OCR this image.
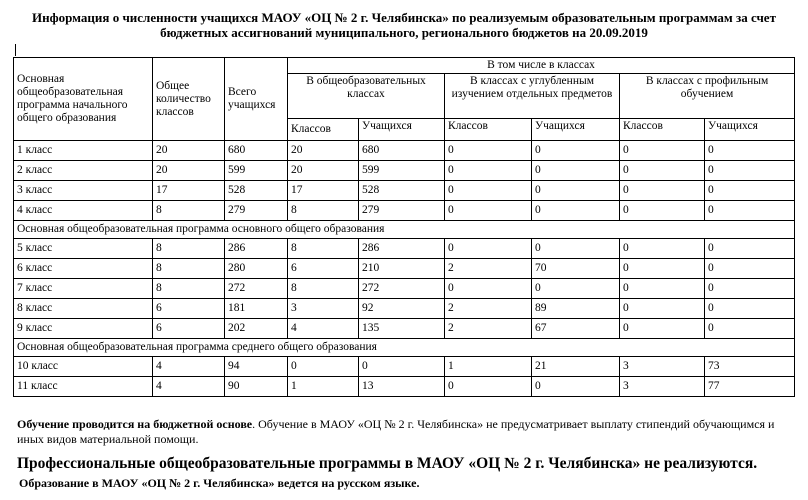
Информация о численности учащихся МАОУ «ОЦ № 2 г. Челябинска» по реализуемым образовательным программам за счет
бюджетных ассигнований муниципального, регионального бюджетов на 20.09.2019
Основная общеобразовательная программа начального общего образования	Общее количество классов	Всего учащихся	В том числе в классах					
			В общеобразовательных классах		В классах с углубленным изучением отдельных предметов		В классах с профильным обучением	
			Классов	Учащихся	Классов	Учащихся	Классов	Учащихся
1 класс	20	680	20	680	0	0	0	0
2 класс	20	599	20	599	0	0	0	0
3 класс	17	528	17	528	0	0	0	0
4 класс	8	279	8	279	0	0	0	0
Основная общеобразовательная программа основного общего образования								
5 класс	8	286	8	286	0	0	0	0
6 класс	8	280	6	210	2	70	0	0
7 класс	8	272	8	272	0	0	0	0
8 класс	6	181	3	92	2	89	0	0
9 класс	6	202	4	135	2	67	0	0
Основная общеобразовательная программа среднего общего образования								
10 класс	4	94	0	0	1	21	3	73
11 класс	4	90	1	13	0	0	3	77
Обучение проводится на бюджетной основе. Обучение в МАОУ «ОЦ № 2 г. Челябинска» не предусматривает выплату стипендий обучающимся и иных видов материальной помощи.
Профессиональные общеобразовательные программы в МАОУ «ОЦ № 2 г. Челябинска» не реализуются.
Образование в МАОУ «ОЦ № 2 г. Челябинска» ведется на русском языке.
